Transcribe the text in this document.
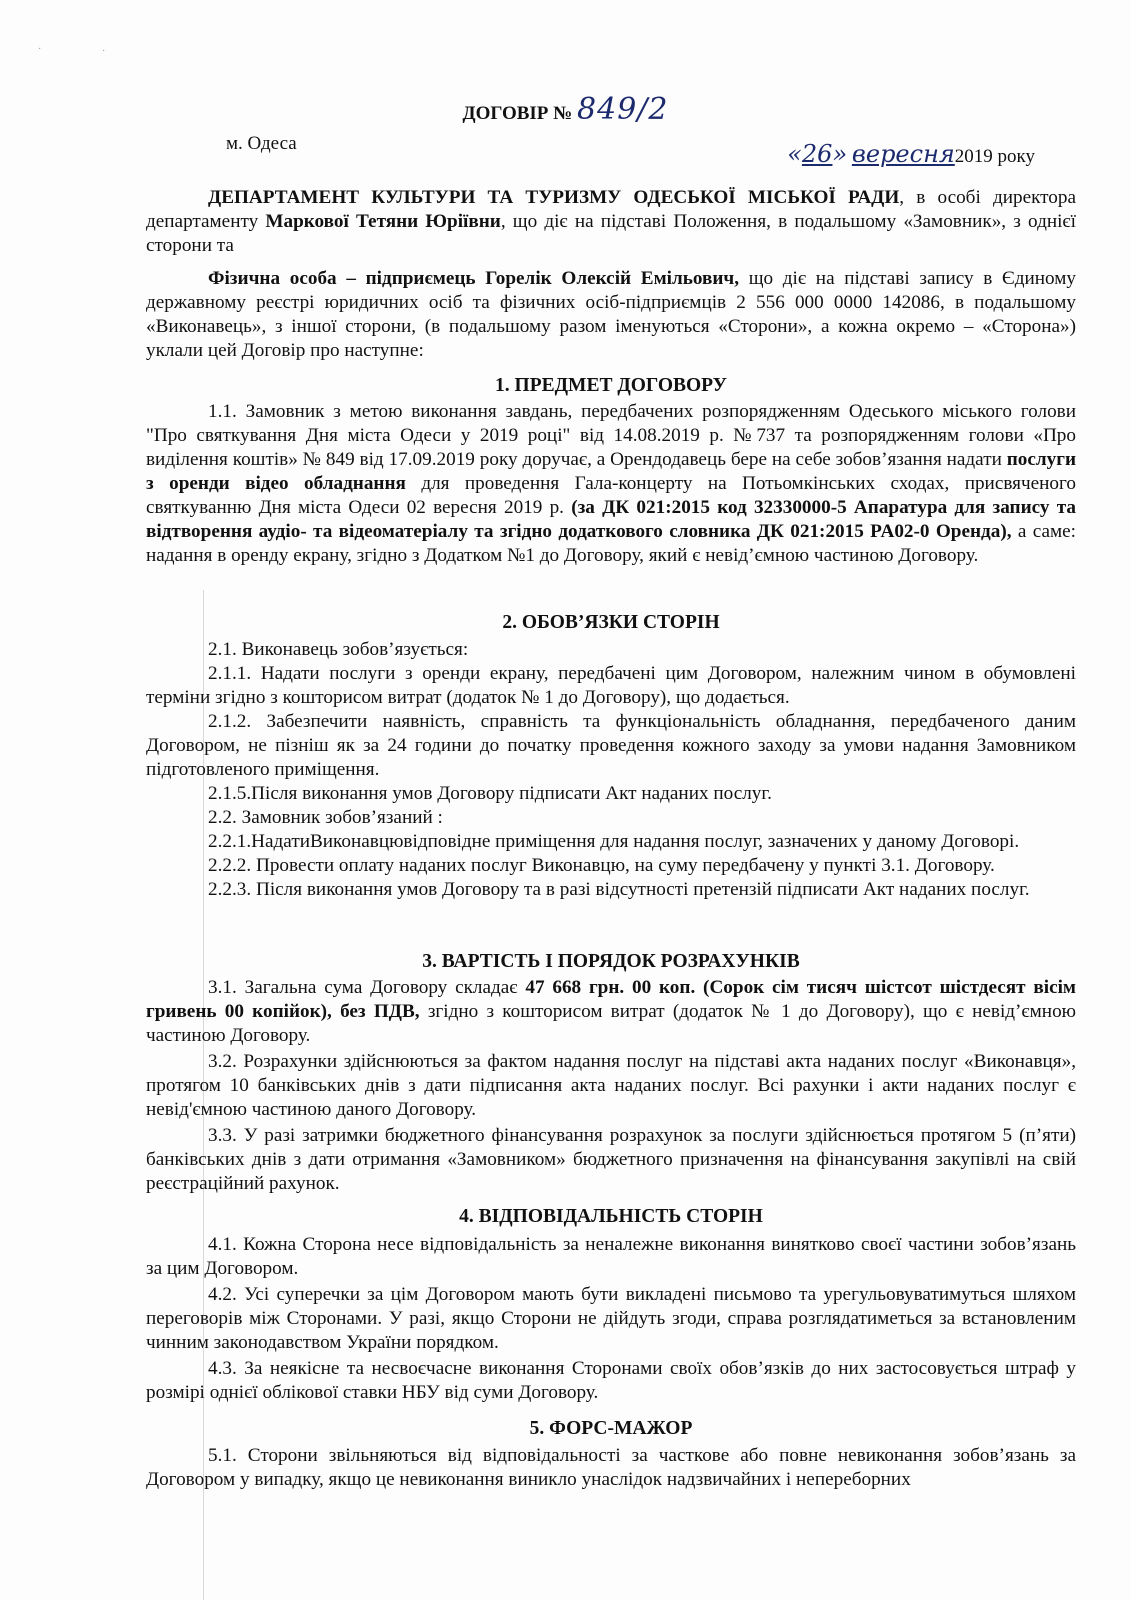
·	·
ДОГОВІР № 849/2
м. Одеса	«26» вересня2019 року

ДЕПАРТАМЕНТ КУЛЬТУРИ ТА ТУРИЗМУ ОДЕСЬКОЇ МІСЬКОЇ РАДИ, в особі директора департаменту Маркової Тетяни Юріївни, що діє на підставі Положення, в подальшому «Замовник», з однієї сторони та

Фізична особа – підприємець Горелік Олексій Емільович, що діє на підставі запису в Єдиному державному реєстрі юридичних осіб та фізичних осіб-підприємців 2 556 000 0000 142086, в подальшому «Виконавець», з іншої сторони, (в подальшому разом іменуються «Сторони», а кожна окремо – «Сторона») уклали цей Договір про наступне:

1. ПРЕДМЕТ ДОГОВОРУ

1.1. Замовник з метою виконання завдань, передбачених розпорядженням Одеського міського голови "Про святкування Дня міста Одеси у 2019 році" від 14.08.2019 р. №737 та розпорядженням голови «Про виділення коштів» № 849 від 17.09.2019 року доручає, а Орендодавець бере на себе зобов’язання надати послуги з оренди відео обладнання для проведення Гала-концерту на Потьомкінських сходах, присвяченого святкуванню Дня міста Одеси 02 вересня 2019 р. (за ДК 021:2015 код 32330000-5 Апаратура для запису та відтворення аудіо- та відеоматеріалу та згідно додаткового словника ДК 021:2015 PA02-0 Оренда), а саме: надання в оренду екрану, згідно з Додатком №1 до Договору, який є невід’ємною частиною Договору.

2. ОБОВ’ЯЗКИ СТОРІН

2.1. Виконавець зобов’язується:

2.1.1. Надати послуги з оренди екрану, передбачені цим Договором, належним чином в обумовлені терміни згідно з кошторисом витрат (додаток № 1 до Договору), що додається.

2.1.2. Забезпечити наявність, справність та функціональність обладнання, передбаченого даним Договором, не пізніш як за 24 години до початку проведення кожного заходу за умови надання Замовником підготовленого приміщення.

2.1.5.Після виконання умов Договору підписати Акт наданих послуг.

2.2. Замовник зобов’язаний :

2.2.1.НадатиВиконавцювідповідне приміщення для надання послуг, зазначених у даному Договорі.

2.2.2. Провести оплату наданих послуг Виконавцю, на суму передбачену у пункті 3.1. Договору.

2.2.3. Після виконання умов Договору та в разі відсутності претензій підписати Акт наданих послуг.

3. ВАРТІСТЬ І ПОРЯДОК РОЗРАХУНКІВ

3.1. Загальна сума Договору складає 47 668 грн. 00 коп. (Сорок сім тисяч шістсот шістдесят вісім гривень 00 копійок), без ПДВ, згідно з кошторисом витрат (додаток № 1 до Договору), що є невід’ємною частиною Договору.

3.2. Розрахунки здійснюються за фактом надання послуг на підставі акта наданих послуг «Виконавця», протягом 10 банківських днів з дати підписання акта наданих послуг. Всі рахунки і акти наданих послуг є невід'ємною частиною даного Договору.

3.3. У разі затримки бюджетного фінансування розрахунок за послуги здійснюється протягом 5 (п’яти) банківських днів з дати отримання «Замовником» бюджетного призначення на фінансування закупівлі на свій реєстраційний рахунок.

4. ВІДПОВІДАЛЬНІСТЬ СТОРІН

4.1. Кожна Сторона несе відповідальність за неналежне виконання винятково своєї частини зобов’язань за цим Договором.

4.2. Усі суперечки за цім Договором мають бути викладені письмово та урегульовуватимуться шляхом переговорів між Сторонами. У разі, якщо Сторони не дійдуть згоди, справа розглядатиметься за встановленим чинним законодавством України порядком.

4.3. За неякісне та несвоєчасне виконання Сторонами своїх обов’язків до них застосовується штраф у розмірі однієї облікової ставки НБУ від суми Договору.

5. ФОРС-МАЖОР

5.1. Сторони звільняються від відповідальності за часткове або повне невиконання зобов’язань за Договором у випадку, якщо це невиконання виникло унаслідок надзвичайних і непереборних
